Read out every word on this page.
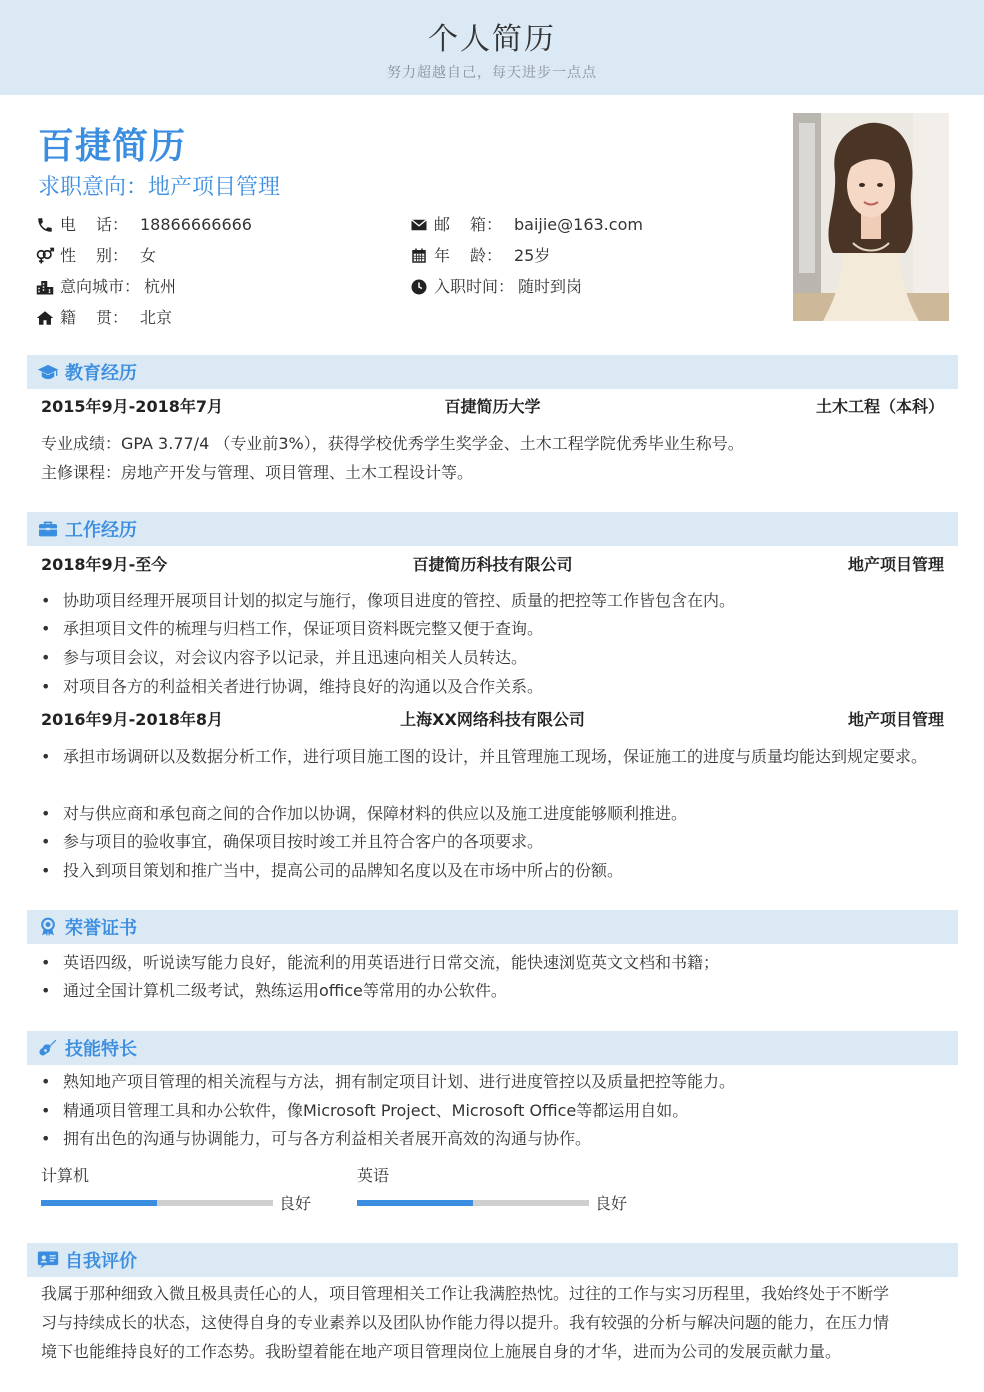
个人简历
努力超越自己，每天进步一点点
百捷简历
求职意向：地产项目管理
电 话： 18866666666	邮 箱： baijie@163.com
性 别： 女	年 龄： 25岁
意向城市： 杭州	入职时间： 随时到岗
籍 贯： 北京
教育经历
2015年9月-2018年7月	百捷简历大学	土木工程（本科）
专业成绩：GPA 3.77/4 （专业前3%），获得学校优秀学生奖学金、土木工程学院优秀毕业生称号。
主修课程：房地产开发与管理、项目管理、土木工程设计等。
工作经历
2018年9月-至今	百捷简历科技有限公司	地产项目管理
• 协助项目经理开展项目计划的拟定与施行，像项目进度的管控、质量的把控等工作皆包含在内。
• 承担项目文件的梳理与归档工作，保证项目资料既完整又便于查询。
• 参与项目会议，对会议内容予以记录，并且迅速向相关人员转达。
• 对项目各方的利益相关者进行协调，维持良好的沟通以及合作关系。
2016年9月-2018年8月	上海XX网络科技有限公司	地产项目管理
• 承担市场调研以及数据分析工作，进行项目施工图的设计，并且管理施工现场，保证施工的进度与质量均能达到规定要求。
• 对与供应商和承包商之间的合作加以协调，保障材料的供应以及施工进度能够顺利推进。
• 参与项目的验收事宜，确保项目按时竣工并且符合客户的各项要求。
• 投入到项目策划和推广当中，提高公司的品牌知名度以及在市场中所占的份额。
荣誉证书
• 英语四级，听说读写能力良好，能流利的用英语进行日常交流，能快速浏览英文文档和书籍；
• 通过全国计算机二级考试，熟练运用office等常用的办公软件。
技能特长
• 熟知地产项目管理的相关流程与方法，拥有制定项目计划、进行进度管控以及质量把控等能力。
• 精通项目管理工具和办公软件，像Microsoft Project、Microsoft Office等都运用自如。
• 拥有出色的沟通与协调能力，可与各方利益相关者展开高效的沟通与协作。
计算机
良好
英语
良好
自我评价
我属于那种细致入微且极具责任心的人，项目管理相关工作让我满腔热忱。过往的工作与实习历程里，我始终处于不断学
习与持续成长的状态，这使得自身的专业素养以及团队协作能力得以提升。我有较强的分析与解决问题的能力，在压力情
境下也能维持良好的工作态势。我盼望着能在地产项目管理岗位上施展自身的才华，进而为公司的发展贡献力量。
